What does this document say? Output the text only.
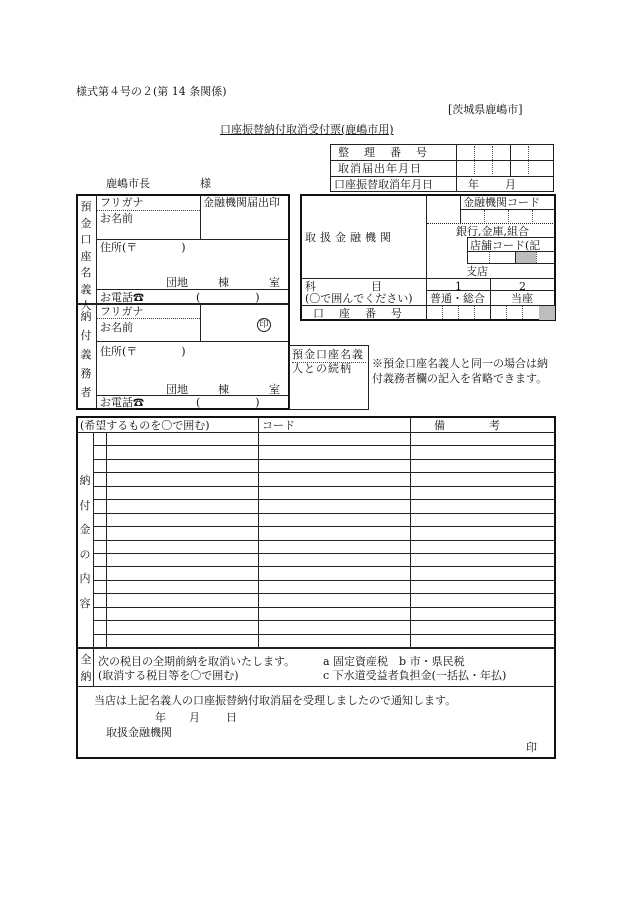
様式第４号の２(第 14 条関係)
[茨城県鹿嶋市]
口座振替納付取消受付票(鹿嶋市用)
整　理　番　号
取消届出年月日
口座振替取消年月日	年 月
鹿嶋市長	様
預金口座名義人
フリガナ
お名前
金融機関届出印
住所(〒　　　　)
団地	棟	室
お電話☎	(　　　　　)
納付義務者
フリガナ
お名前	印
住所(〒　　　　)
団地	棟	室
お電話☎	(　　　　　)
預金口座名義人との続柄	※預金口座名義人と同一の場合は納付義務者欄の記入を省略できます。
取扱金融機関
金融機関コード
銀行,金庫,組合
店舗コード(記
支店
科　　　　　目
(〇で囲んでください)
1	2
普通・総合 当座
口　座　番　号
(希望するものを〇で囲む)	コード	備　　　　考
納付金の内容
全納
次の税目の全期前納を取消いたします。	a 固定資産税　b 市・県民税
(取消する税目等を〇で囲む)	c 下水道受益者負担金(一括払・年払)
当店は上記名義人の口座振替納付取消届を受理しましたので通知します。
年 月 日
取扱金融機関
印
